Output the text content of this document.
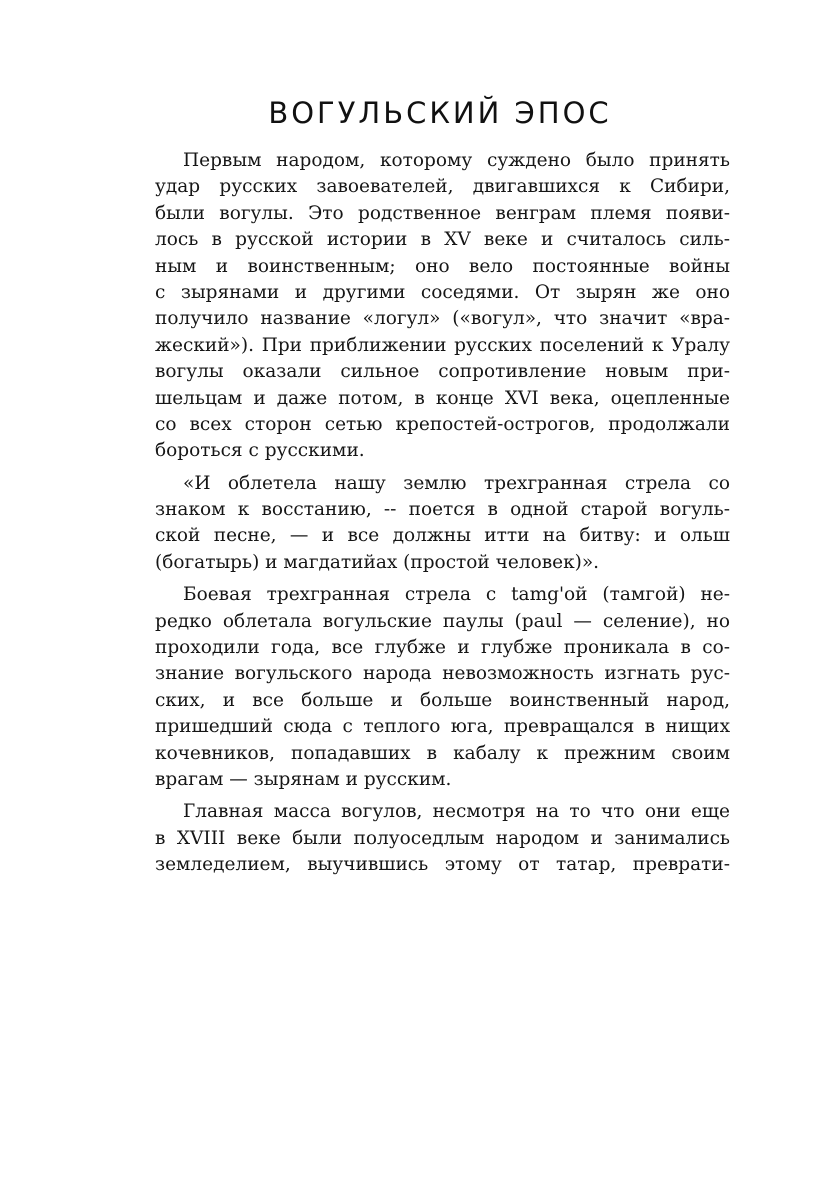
ВОГУЛЬСКИЙ ЭПОС
Первым народом, которому суждено было принять
удар русских завоевателей, двигавшихся к Сибири,
были вогулы. Это родственное венграм племя появи-
лось в русской истории в XV веке и считалось силь-
ным и воинственным; оно вело постоянные войны
с зырянами и другими соседями. От зырян же оно
получило название «логул» («вогул», что значит «вра-
жеский»). При приближении русских поселений к Уралу
вогулы оказали сильное сопротивление новым при-
шельцам и даже потом, в конце XVI века, оцепленные
со всех сторон сетью крепостей-острогов, продолжали
бороться с русскими.
«И облетела нашу землю трехгранная стрела со
знаком к восстанию, -- поется в одной старой вогуль-
ской песне, — и все должны итти на битву: и ольш
(богатырь) и магдатийах (простой человек)».
Боевая трехгранная стрела с tamg'ой (тамгой) не-
редко облетала вогульские паулы (paul — селение), но
проходили года, все глубже и глубже проникала в со-
знание вогульского народа невозможность изгнать рус-
ских, и все больше и больше воинственный народ,
пришедший сюда с теплого юга, превращался в нищих
кочевников, попадавших в кабалу к прежним своим
врагам — зырянам и русским.
Главная масса вогулов, несмотря на то что они еще
в XVIII веке были полуоседлым народом и занимались
земледелием, выучившись этому от татар, преврати-
